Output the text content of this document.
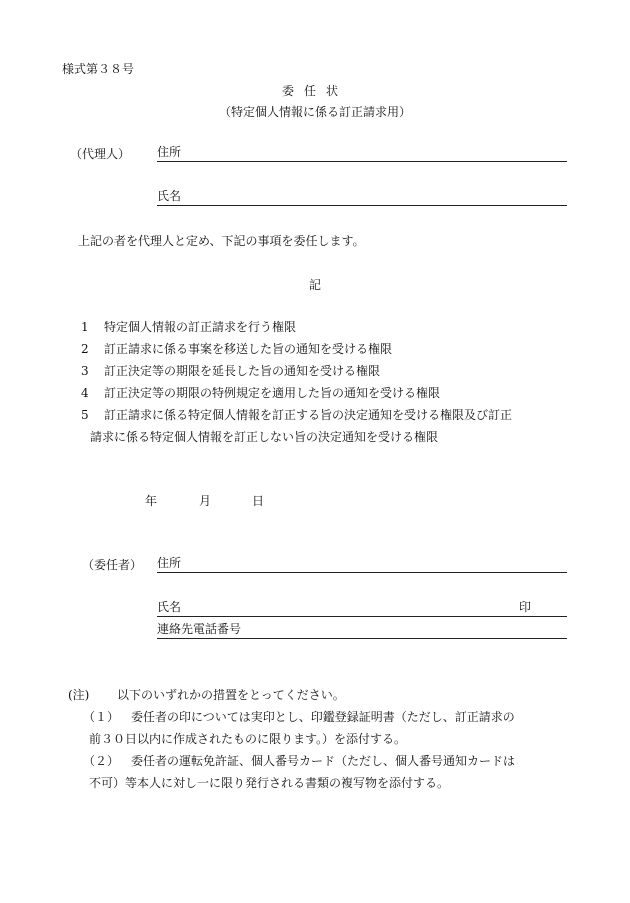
様式第３８号
委任状
（特定個人情報に係る訂正請求用）
（代理人） 住所
氏名
上記の者を代理人と定め、下記の事項を委任します。
記
1 特定個人情報の訂正請求を行う権限
2 訂正請求に係る事案を移送した旨の通知を受ける権限
3 訂正決定等の期限を延長した旨の通知を受ける権限
4 訂正決定等の期限の特例規定を適用した旨の通知を受ける権限
5 訂正請求に係る特定個人情報を訂正する旨の決定通知を受ける権限及び訂正
請求に係る特定個人情報を訂正しない旨の決定通知を受ける権限
年	月	日
（委任者） 住所
氏名	印
連絡先電話番号
(注) 以下のいずれかの措置をとってください。
（１） 委任者の印については実印とし、印鑑登録証明書（ただし、訂正請求の
前３０日以内に作成されたものに限ります。）を添付する。
（２） 委任者の運転免許証、個人番号カード（ただし、個人番号通知カードは
不可）等本人に対し一に限り発行される書類の複写物を添付する。
